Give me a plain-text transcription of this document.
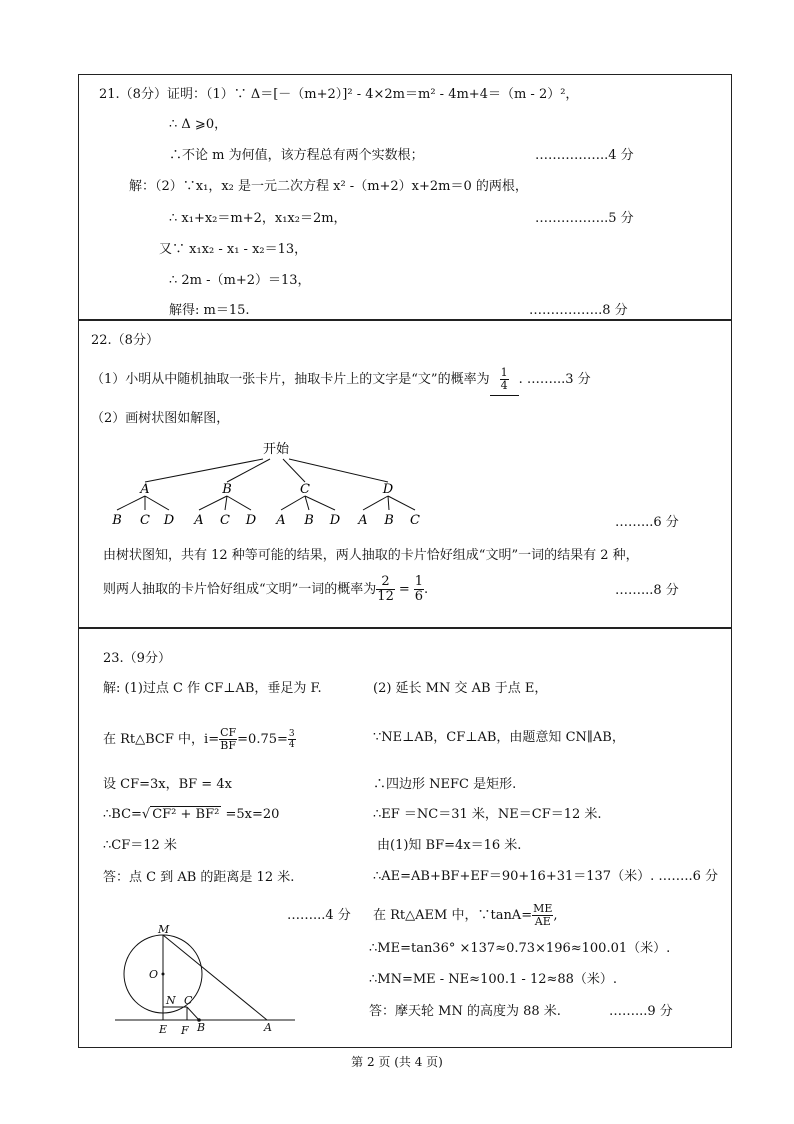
21.（8分）证明：（1）∵ Δ＝[－（m+2）]² - 4×2m＝m² - 4m+4＝（m - 2）²，
∴ Δ ⩾0，
∴不论 m 为何值，该方程总有两个实数根；	……………..4 分
解：（2）∵x₁，x₂ 是一元二次方程 x² -（m+2）x+2m＝0 的两根，
∴ x₁+x₂＝m+2，x₁x₂＝2m，	……………..5 分
又∵ x₁x₂ - x₁ - x₂＝13，
∴ 2m -（m+2）＝13，
解得: m＝15.	……………..8 分
22.（8分）
（1）小明从中随机抽取一张卡片，抽取卡片上的文字是“文”的概率为 $\frac{1}{4}$ . ……...3 分
（2）画树状图如解图，
开始
A	B	C	D
B C D A C D A B D A B C	……...6 分
由树状图知，共有 12 种等可能的结果，两人抽取的卡片恰好组成“文明”一词的结果有 2 种，
则两人抽取的卡片恰好组成“文明”一词的概率为 $\frac{2}{12} = \frac{1}{6}$ .	……...8 分
23.（9分）
解: (1)过点 C 作 CF⊥AB，垂足为 F.
在 Rt△BCF 中，$i= \frac{CF}{BF} =0.75= \frac{3}{4}$
设 CF=3x，BF = 4x
∴BC=√ CF² + BF² =5x=20
∴CF＝12 米
答：点 C 到 AB 的距离是 12 米.
……...4 分
(2) 延长 MN 交 AB 于点 E，
∵NE⊥AB，CF⊥AB，由题意知 CN∥AB，
∴四边形 NEFC 是矩形.
∴EF ＝NC＝31 米，NE＝CF＝12 米.
由(1)知 BF=4x＝16 米.
∴AE=AB+BF+EF＝90+16+31＝137（米）. ……..6 分
在 Rt△AEM 中，∵tanA= $\frac{ME}{AE}$ ,
∴ME=tan36° ×137≈0.73×196≈100.01（米）.
∴MN=ME - NE≈100.1 - 12≈88（米）.
答：摩天轮 MN 的高度为 88 米.	……...9 分
M
O
N C
E F B	A
第 2 页 (共 4 页)
